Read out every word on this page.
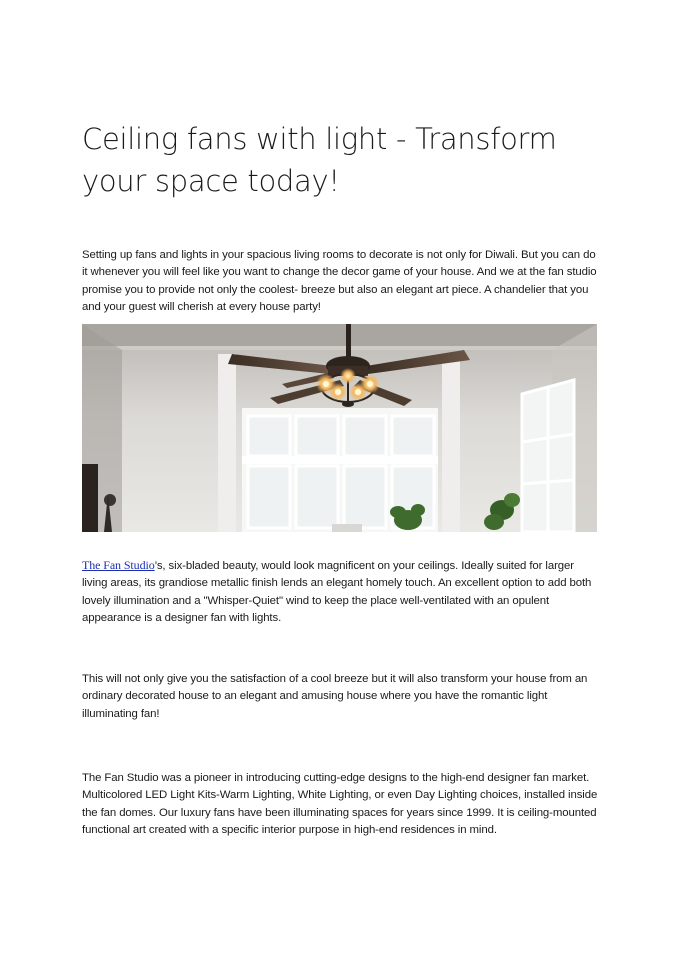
Ceiling fans with light - Transform your space today!

Setting up fans and lights in your spacious living rooms to decorate is not only for Diwali. But you can do it whenever you will feel like you want to change the decor game of your house. And we at the fan studio promise you to provide not only the coolest- breeze but also an elegant art piece. A chandelier that you and your guest will cherish at every house party!

The Fan Studio’s, six-bladed beauty, would look magnificent on your ceilings. Ideally suited for larger living areas, its grandiose metallic finish lends an elegant homely touch. An excellent option to add both lovely illumination and a "Whisper-Quiet" wind to keep the place well-ventilated with an opulent appearance is a designer fan with lights.

This will not only give you the satisfaction of a cool breeze but it will also transform your house from an ordinary decorated house to an elegant and amusing house where you have the romantic light illuminating fan!

The Fan Studio was a pioneer in introducing cutting-edge designs to the high-end designer fan market. Multicolored LED Light Kits-Warm Lighting, White Lighting, or even Day Lighting choices, installed inside the fan domes. Our luxury fans have been illuminating spaces for years since 1999. It is ceiling-mounted functional art created with a specific interior purpose in high-end residences in mind.
